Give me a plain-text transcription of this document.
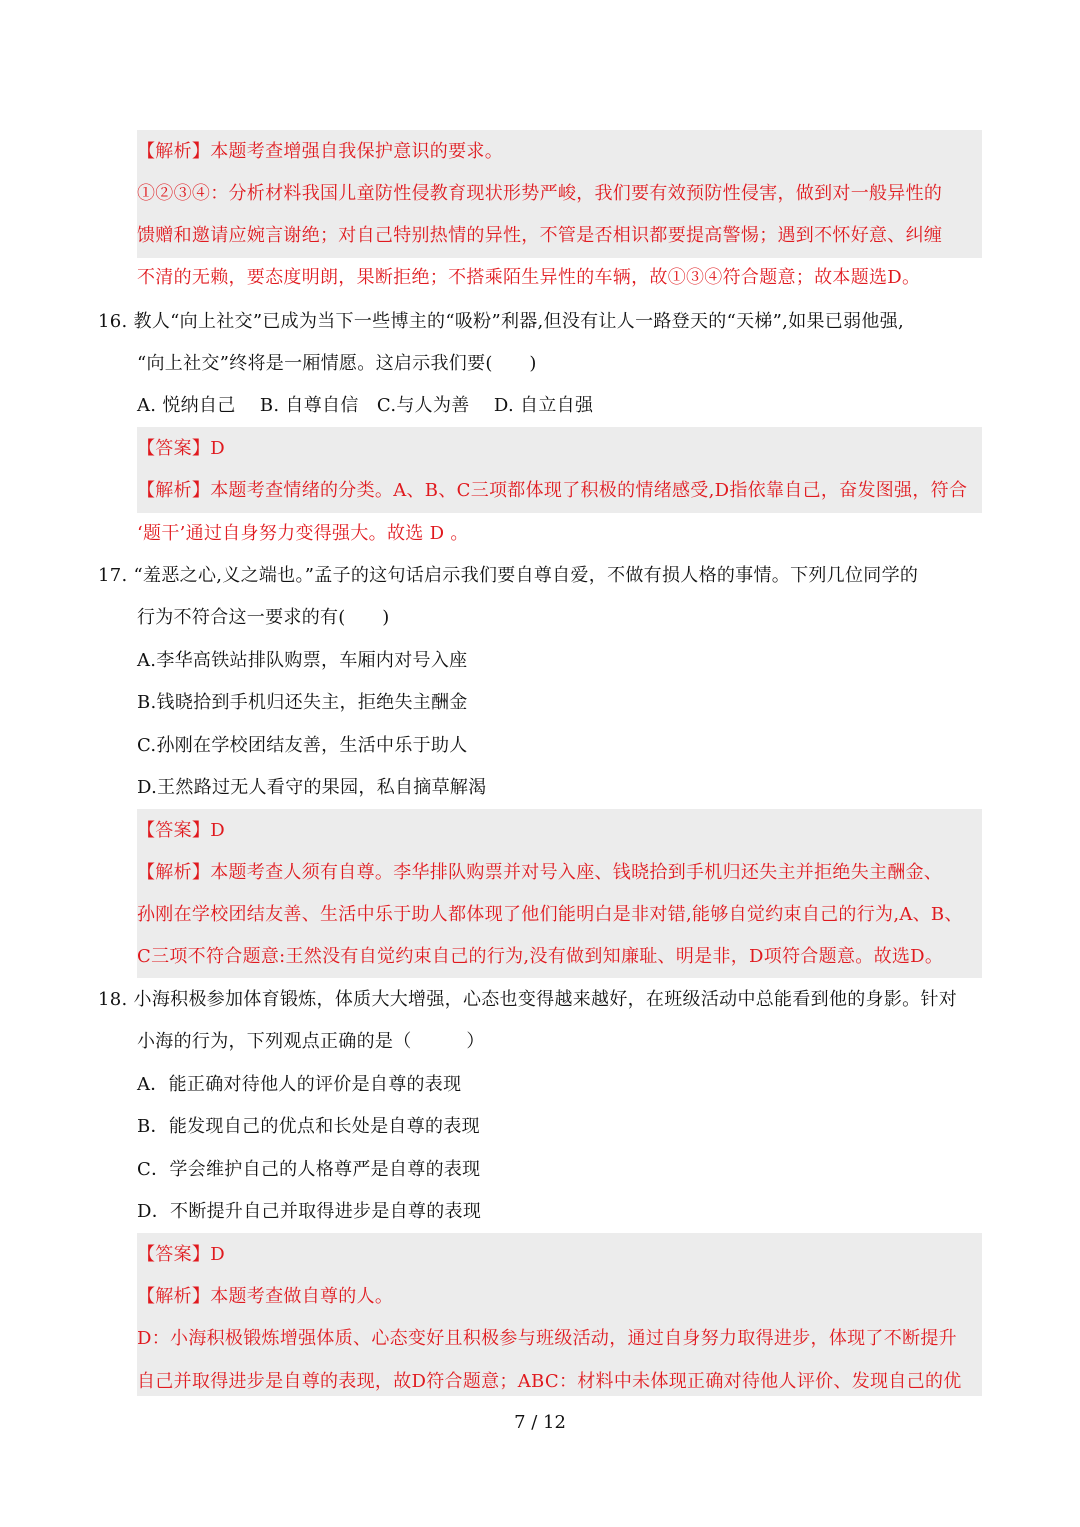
【解析】本题考查增强自我保护意识的要求。
①②③④：分析材料我国儿童防性侵教育现状形势严峻，我们要有效预防性侵害，做到对一般异性的
馈赠和邀请应婉言谢绝；对自己特别热情的异性，不管是否相识都要提高警惕；遇到不怀好意、纠缠
不清的无赖，要态度明朗，果断拒绝；不搭乘陌生异性的车辆，故①③④符合题意；故本题选D。
16. 教人“向上社交”已成为当下一些博主的“吸粉”利器,但没有让人一路登天的“天梯”,如果已弱他强,
“向上社交”终将是一厢情愿。这启示我们要(　　)
A. 悦纳自己　 B. 自尊自信　C.与人为善　 D. 自立自强
【答案】D
【解析】本题考查情绪的分类。A、B、C三项都体现了积极的情绪感受,D指依靠自己，奋发图强，符合
‘题干’通过自身努力变得强大。故选 D 。
17. “羞恶之心,义之端也。”孟子的这句话启示我们要自尊自爱，不做有损人格的事情。下列几位同学的
行为不符合这一要求的有(　　)
A.李华高铁站排队购票，车厢内对号入座
B.钱晓拾到手机归还失主，拒绝失主酬金
C.孙刚在学校团结友善，生活中乐于助人
D.王然路过无人看守的果园，私自摘草解渴
【答案】D
【解析】本题考查人须有自尊。李华排队购票并对号入座、钱晓拾到手机归还失主并拒绝失主酬金、
孙刚在学校团结友善、生活中乐于助人都体现了他们能明白是非对错,能够自觉约束自己的行为,A、B、
C三项不符合题意:王然没有自觉约束自己的行为,没有做到知廉耻、明是非，D项符合题意。故选D。
18. 小海积极参加体育锻炼，体质大大增强，心态也变得越来越好，在班级活动中总能看到他的身影。针对
小海的行为，下列观点正确的是（　　　）
A．能正确对待他人的评价是自尊的表现
B．能发现自己的优点和长处是自尊的表现
C．学会维护自己的人格尊严是自尊的表现
D．不断提升自己并取得进步是自尊的表现
【答案】D
【解析】本题考查做自尊的人。
D：小海积极锻炼增强体质、心态变好且积极参与班级活动，通过自身努力取得进步，体现了不断提升
自己并取得进步是自尊的表现，故D符合题意；ABC：材料中未体现正确对待他人评价、发现自己的优
7 / 12
